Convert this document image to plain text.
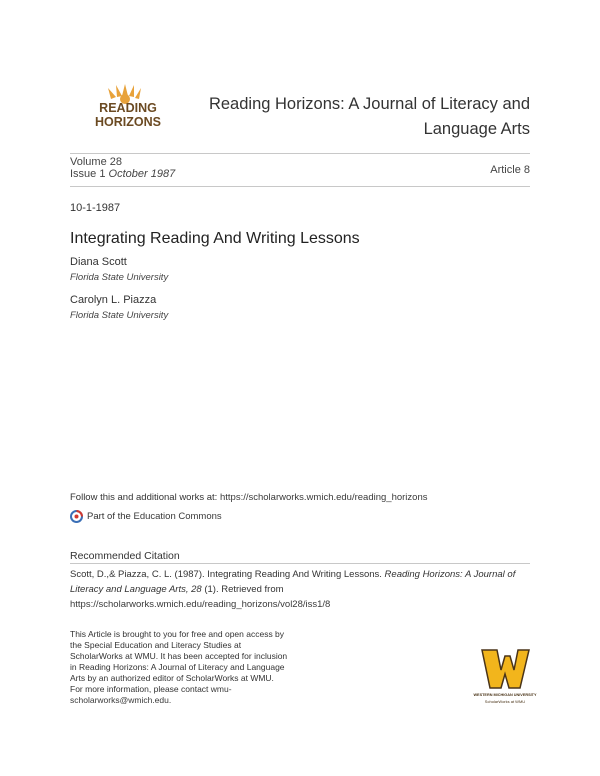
READING
HORIZONS
Reading Horizons: A Journal of Literacy and
Language Arts
Volume 28
Issue 1 October 1987	Article 8
10-1-1987
Integrating Reading And Writing Lessons
Diana Scott
Florida State University
Carolyn L. Piazza
Florida State University
Follow this and additional works at: https://scholarworks.wmich.edu/reading_horizons
Part of the
Education Commons
Recommended Citation
Scott, D.,& Piazza, C. L. (1987). Integrating Reading And Writing Lessons. Reading Horizons: A Journal of Literacy and Language Arts, 28 (1). Retrieved from https://scholarworks.wmich.edu/reading_horizons/vol28/iss1/8
This Article is brought to you for free and open access by
the Special Education and Literacy Studies at
ScholarWorks at WMU. It has been accepted for inclusion
in Reading Horizons: A Journal of Literacy and Language
Arts by an authorized editor of ScholarWorks at WMU.
For more information, please contact wmu-
scholarworks@wmich.edu.	WESTERN MICHIGAN UNIVERSITY
ScholarWorks at WMU
